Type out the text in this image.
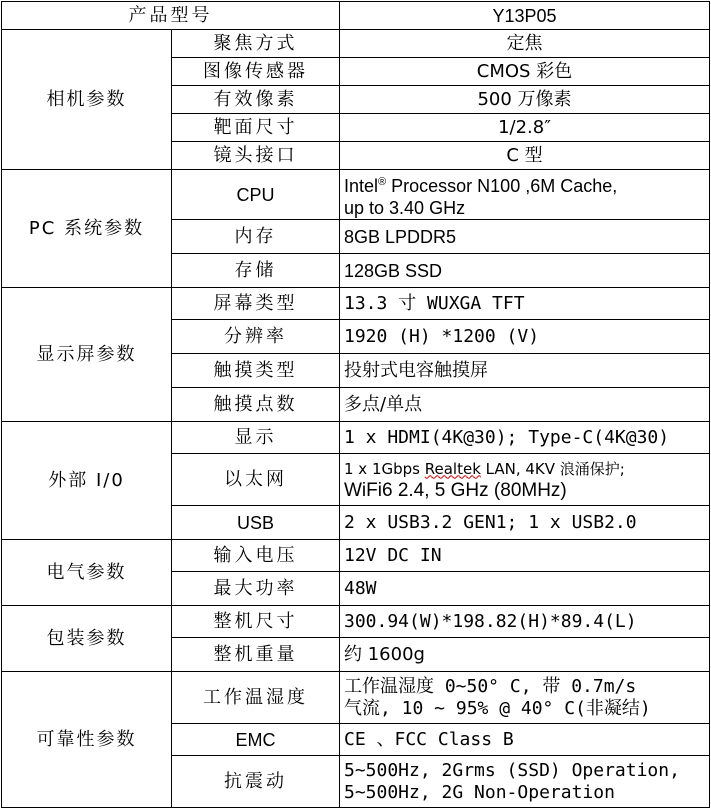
产品型号		Y13P05
相机参数	聚焦方式	定焦
	图像传感器	CMOS 彩色
	有效像素	500 万像素
	靶面尺寸	1/2.8″
	镜头接口	C 型
PC 系统参数	CPU	Intel® Processor N100 ,6M Cache,
up to 3.40 GHz
	内存	8GB LPDDR5
	存储	128GB SSD
显示屏参数	屏幕类型	13.3 寸 WUXGA TFT
	分辨率	1920 (H) *1200 (V)
	触摸类型	投射式电容触摸屏
	触摸点数	多点/单点
外部 I/0	显示	1 x HDMI(4K@30); Type-C(4K@30)
	以太网	1 x 1Gbps Realtek LAN, 4KV 浪涌保护;
WiFi6 2.4, 5 GHz (80MHz)
	USB	2 x USB3.2 GEN1; 1 x USB2.0
电气参数	输入电压	12V DC IN
	最大功率	48W
包装参数	整机尺寸	300.94(W)*198.82(H)*89.4(L)
	整机重量	约 1600g
可靠性参数	工作温湿度	工作温湿度 0~50° C, 带 0.7m/s
气流, 10 ~ 95% @ 40° C(非凝结)
	EMC	CE 、FCC Class B
	抗震动	5~500Hz, 2Grms (SSD) Operation,
5~500Hz, 2G Non-Operation
